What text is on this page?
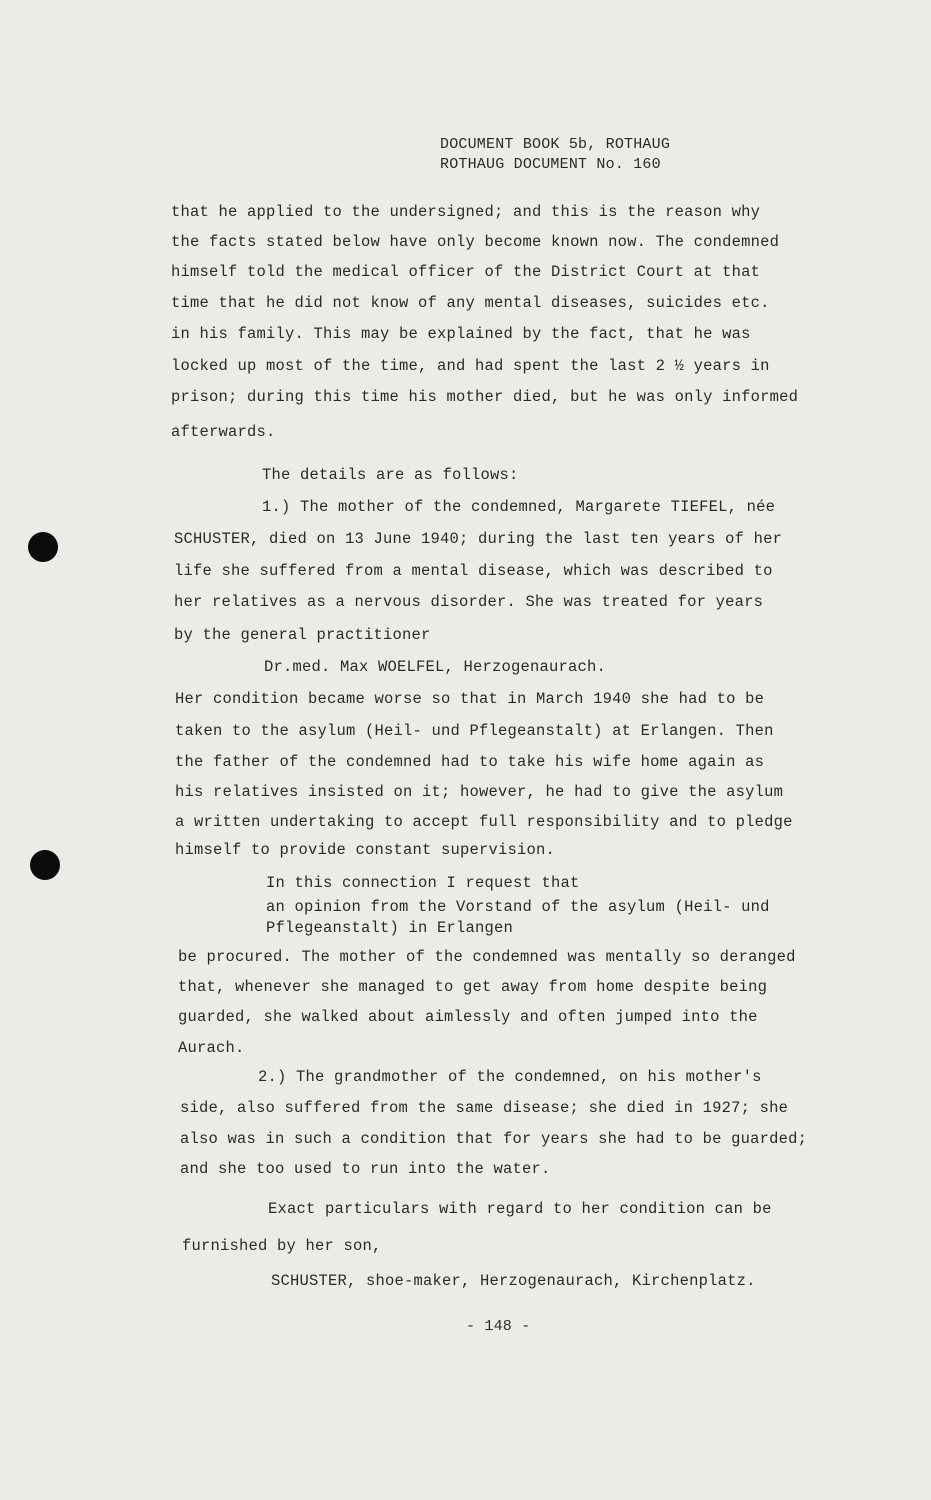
DOCUMENT BOOK 5b, ROTHAUG
ROTHAUG DOCUMENT No. 160
that he applied to the undersigned; and this is the reason why
the facts stated below have only become known now. The condemned
himself told the medical officer of the District Court at that
time that he did not know of any mental diseases, suicides etc.
in his family. This may be explained by the fact, that he was
locked up most of the time, and had spent the last 2 ½ years in
prison; during this time his mother died, but he was only informed
afterwards.
The details are as follows:
1.) The mother of the condemned, Margarete TIEFEL, née
SCHUSTER, died on 13 June 1940; during the last ten years of her
life she suffered from a mental disease, which was described to
her relatives as a nervous disorder. She was treated for years
by the general practitioner
Dr.med. Max WOELFEL, Herzogenaurach.
Her condition became worse so that in March 1940 she had to be
taken to the asylum (Heil- und Pflegeanstalt) at Erlangen. Then
the father of the condemned had to take his wife home again as
his relatives insisted on it; however, he had to give the asylum
a written undertaking to accept full responsibility and to pledge
himself to provide constant supervision.
In this connection I request that
an opinion from the Vorstand of the asylum (Heil- und
Pflegeanstalt) in Erlangen
be procured. The mother of the condemned was mentally so deranged
that, whenever she managed to get away from home despite being
guarded, she walked about aimlessly and often jumped into the
Aurach.
2.) The grandmother of the condemned, on his mother's
side, also suffered from the same disease; she died in 1927; she
also was in such a condition that for years she had to be guarded;
and she too used to run into the water.
Exact particulars with regard to her condition can be
furnished by her son,
SCHUSTER, shoe-maker, Herzogenaurach, Kirchenplatz.
- 148 -
